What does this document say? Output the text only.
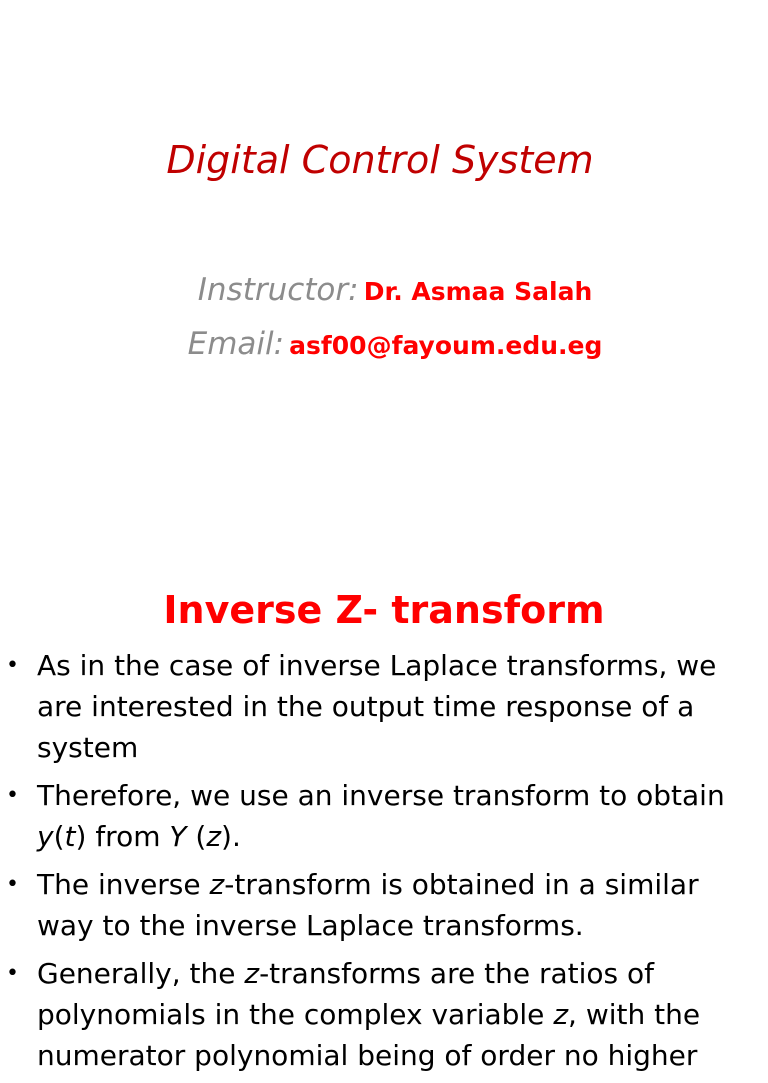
Digital Control System
Instructor: Dr. Asmaa Salah
Email: asf00@fayoum.edu.eg
Inverse Z- transform
• As in the case of inverse Laplace transforms, we are interested in the output time response of a system
• Therefore, we use an inverse transform to obtain y(t) from Y (z).
• The inverse z-transform is obtained in a similar way to the inverse Laplace transforms.
• Generally, the z-transforms are the ratios of polynomials in the complex variable z, with the numerator polynomial being of order no higher
